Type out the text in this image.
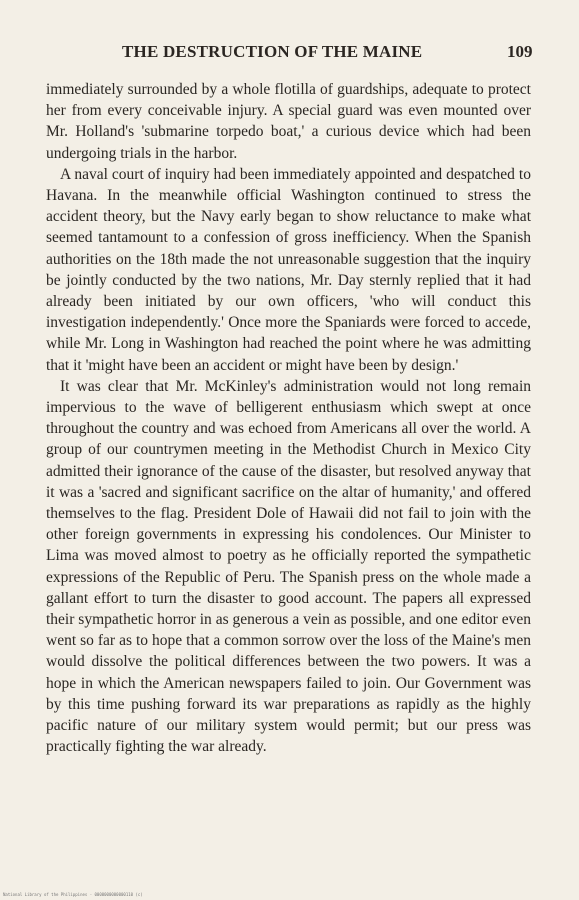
THE DESTRUCTION OF THE MAINE	109

immediately surrounded by a whole flotilla of guardships, adequate to protect her from every conceivable injury. A special guard was even mounted over Mr. Holland's 'submarine torpedo boat,' a curious device which had been undergoing trials in the harbor.

A naval court of inquiry had been immediately appointed and despatched to Havana. In the meanwhile official Washington continued to stress the accident theory, but the Navy early began to show reluctance to make what seemed tantamount to a confession of gross inefficiency. When the Spanish authorities on the 18th made the not unreasonable suggestion that the inquiry be jointly conducted by the two nations, Mr. Day sternly replied that it had already been initiated by our own officers, 'who will conduct this investigation independently.' Once more the Spaniards were forced to accede, while Mr. Long in Washington had reached the point where he was admitting that it 'might have been an accident or might have been by design.'

It was clear that Mr. McKinley's administration would not long remain impervious to the wave of belligerent enthusiasm which swept at once throughout the country and was echoed from Americans all over the world. A group of our countrymen meeting in the Methodist Church in Mexico City admitted their ignorance of the cause of the disaster, but resolved anyway that it was a 'sacred and significant sacrifice on the altar of humanity,' and offered themselves to the flag. President Dole of Hawaii did not fail to join with the other foreign governments in expressing his condolences. Our Minister to Lima was moved almost to poetry as he officially reported the sympathetic expressions of the Republic of Peru. The Spanish press on the whole made a gallant effort to turn the disaster to good account. The papers all expressed their sympathetic horror in as generous a vein as possible, and one editor even went so far as to hope that a common sorrow over the loss of the Maine's men would dissolve the political differences between the two powers. It was a hope in which the American newspapers failed to join. Our Government was by this time pushing forward its war preparations as rapidly as the highly pacific nature of our military system would permit; but our press was practically fighting the war already.

National Library of the Philippines · 0000000000000110 (c)
